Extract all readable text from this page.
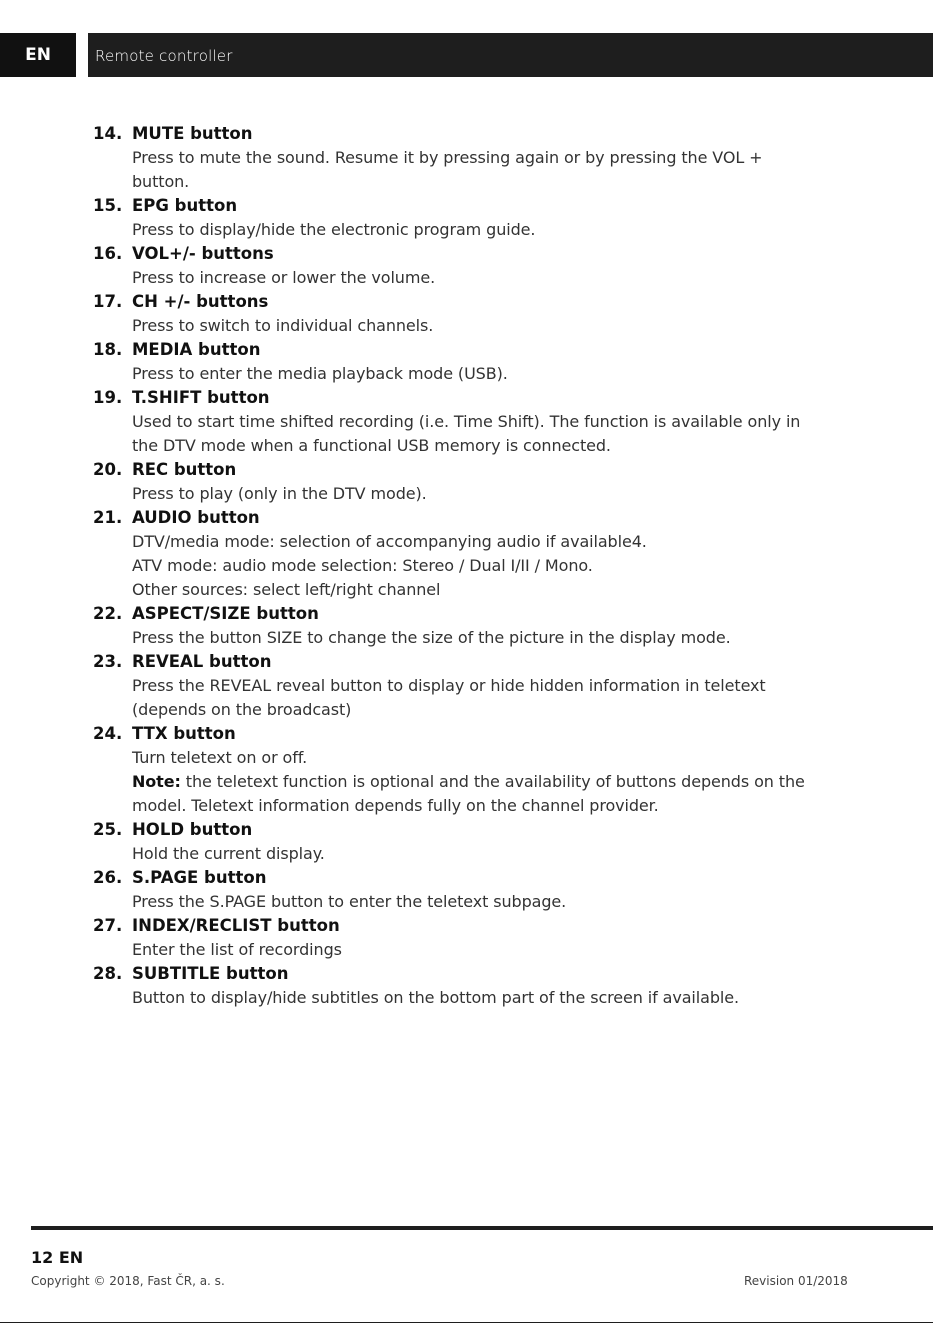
EN	Remote controller
14. MUTE button
Press to mute the sound. Resume it by pressing again or by pressing the VOL +
button.
15. EPG button
Press to display/hide the electronic program guide.
16. VOL+/- buttons
Press to increase or lower the volume.
17. CH +/- buttons
Press to switch to individual channels.
18. MEDIA button
Press to enter the media playback mode (USB).
19. T.SHIFT button
Used to start time shifted recording (i.e. Time Shift). The function is available only in
the DTV mode when a functional USB memory is connected.
20. REC button
Press to play (only in the DTV mode).
21. AUDIO button
DTV/media mode: selection of accompanying audio if available4.
ATV mode: audio mode selection: Stereo / Dual I/II / Mono.
Other sources: select left/right channel
22. ASPECT/SIZE button
Press the button SIZE to change the size of the picture in the display mode.
23. REVEAL button
Press the REVEAL reveal button to display or hide hidden information in teletext
(depends on the broadcast)
24. TTX button
Turn teletext on or off.
Note: the teletext function is optional and the availability of buttons depends on the
model. Teletext information depends fully on the channel provider.
25. HOLD button
Hold the current display.
26. S.PAGE button
Press the S.PAGE button to enter the teletext subpage.
27. INDEX/RECLIST button
Enter the list of recordings
28. SUBTITLE button
Button to display/hide subtitles on the bottom part of the screen if available.
12 EN
Copyright © 2018, Fast ČR, a. s.	Revision 01/2018
